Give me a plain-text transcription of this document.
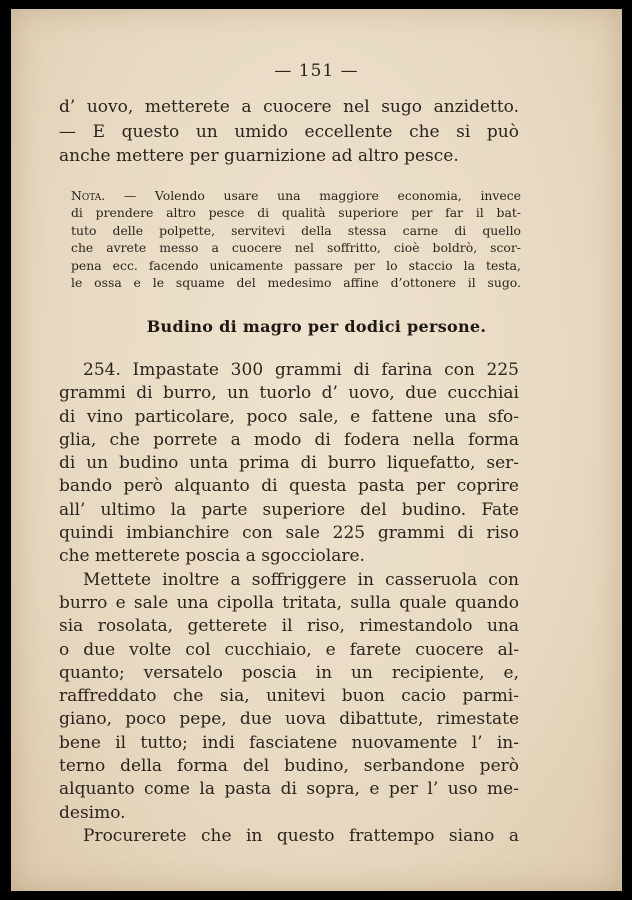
— 151 —
d’ uovo, metterete a cuocere nel sugo anzidetto.
— E questo un umido eccellente che si può
anche mettere per guarnizione ad altro pesce.
Nota. — Volendo usare una maggiore economia, invece
di prendere altro pesce di qualità superiore per far il bat-
tuto delle polpette, servitevi della stessa carne di quello
che avrete messo a cuocere nel soffritto, cioè boldrò, scor-
pena ecc. facendo unicamente passare per lo staccio la testa,
le ossa e le squame del medesimo affine d’ottonere il sugo.
Budino di magro per dodici persone.
254. Impastate 300 grammi di farina con 225
grammi di burro, un tuorlo d’ uovo, due cucchiai
di vino particolare, poco sale, e fattene una sfo-
glia, che porrete a modo di fodera nella forma
di un budino unta prima di burro liquefatto, ser-
bando però alquanto di questa pasta per coprire
all’ ultimo la parte superiore del budino. Fate
quindi imbianchire con sale 225 grammi di riso
che metterete poscia a sgocciolare.
Mettete inoltre a soffriggere in casseruola con
burro e sale una cipolla tritata, sulla quale quando
sia rosolata, getterete il riso, rimestandolo una
o due volte col cucchiaio, e farete cuocere al-
quanto; versatelo poscia in un recipiente, e,
raffreddato che sia, unitevi buon cacio parmi-
giano, poco pepe, due uova dibattute, rimestate
bene il tutto; indi fasciatene nuovamente l’ in-
terno della forma del budino, serbandone però
alquanto come la pasta di sopra, e per l’ uso me-
desimo.
Procurerete che in questo frattempo siano a
